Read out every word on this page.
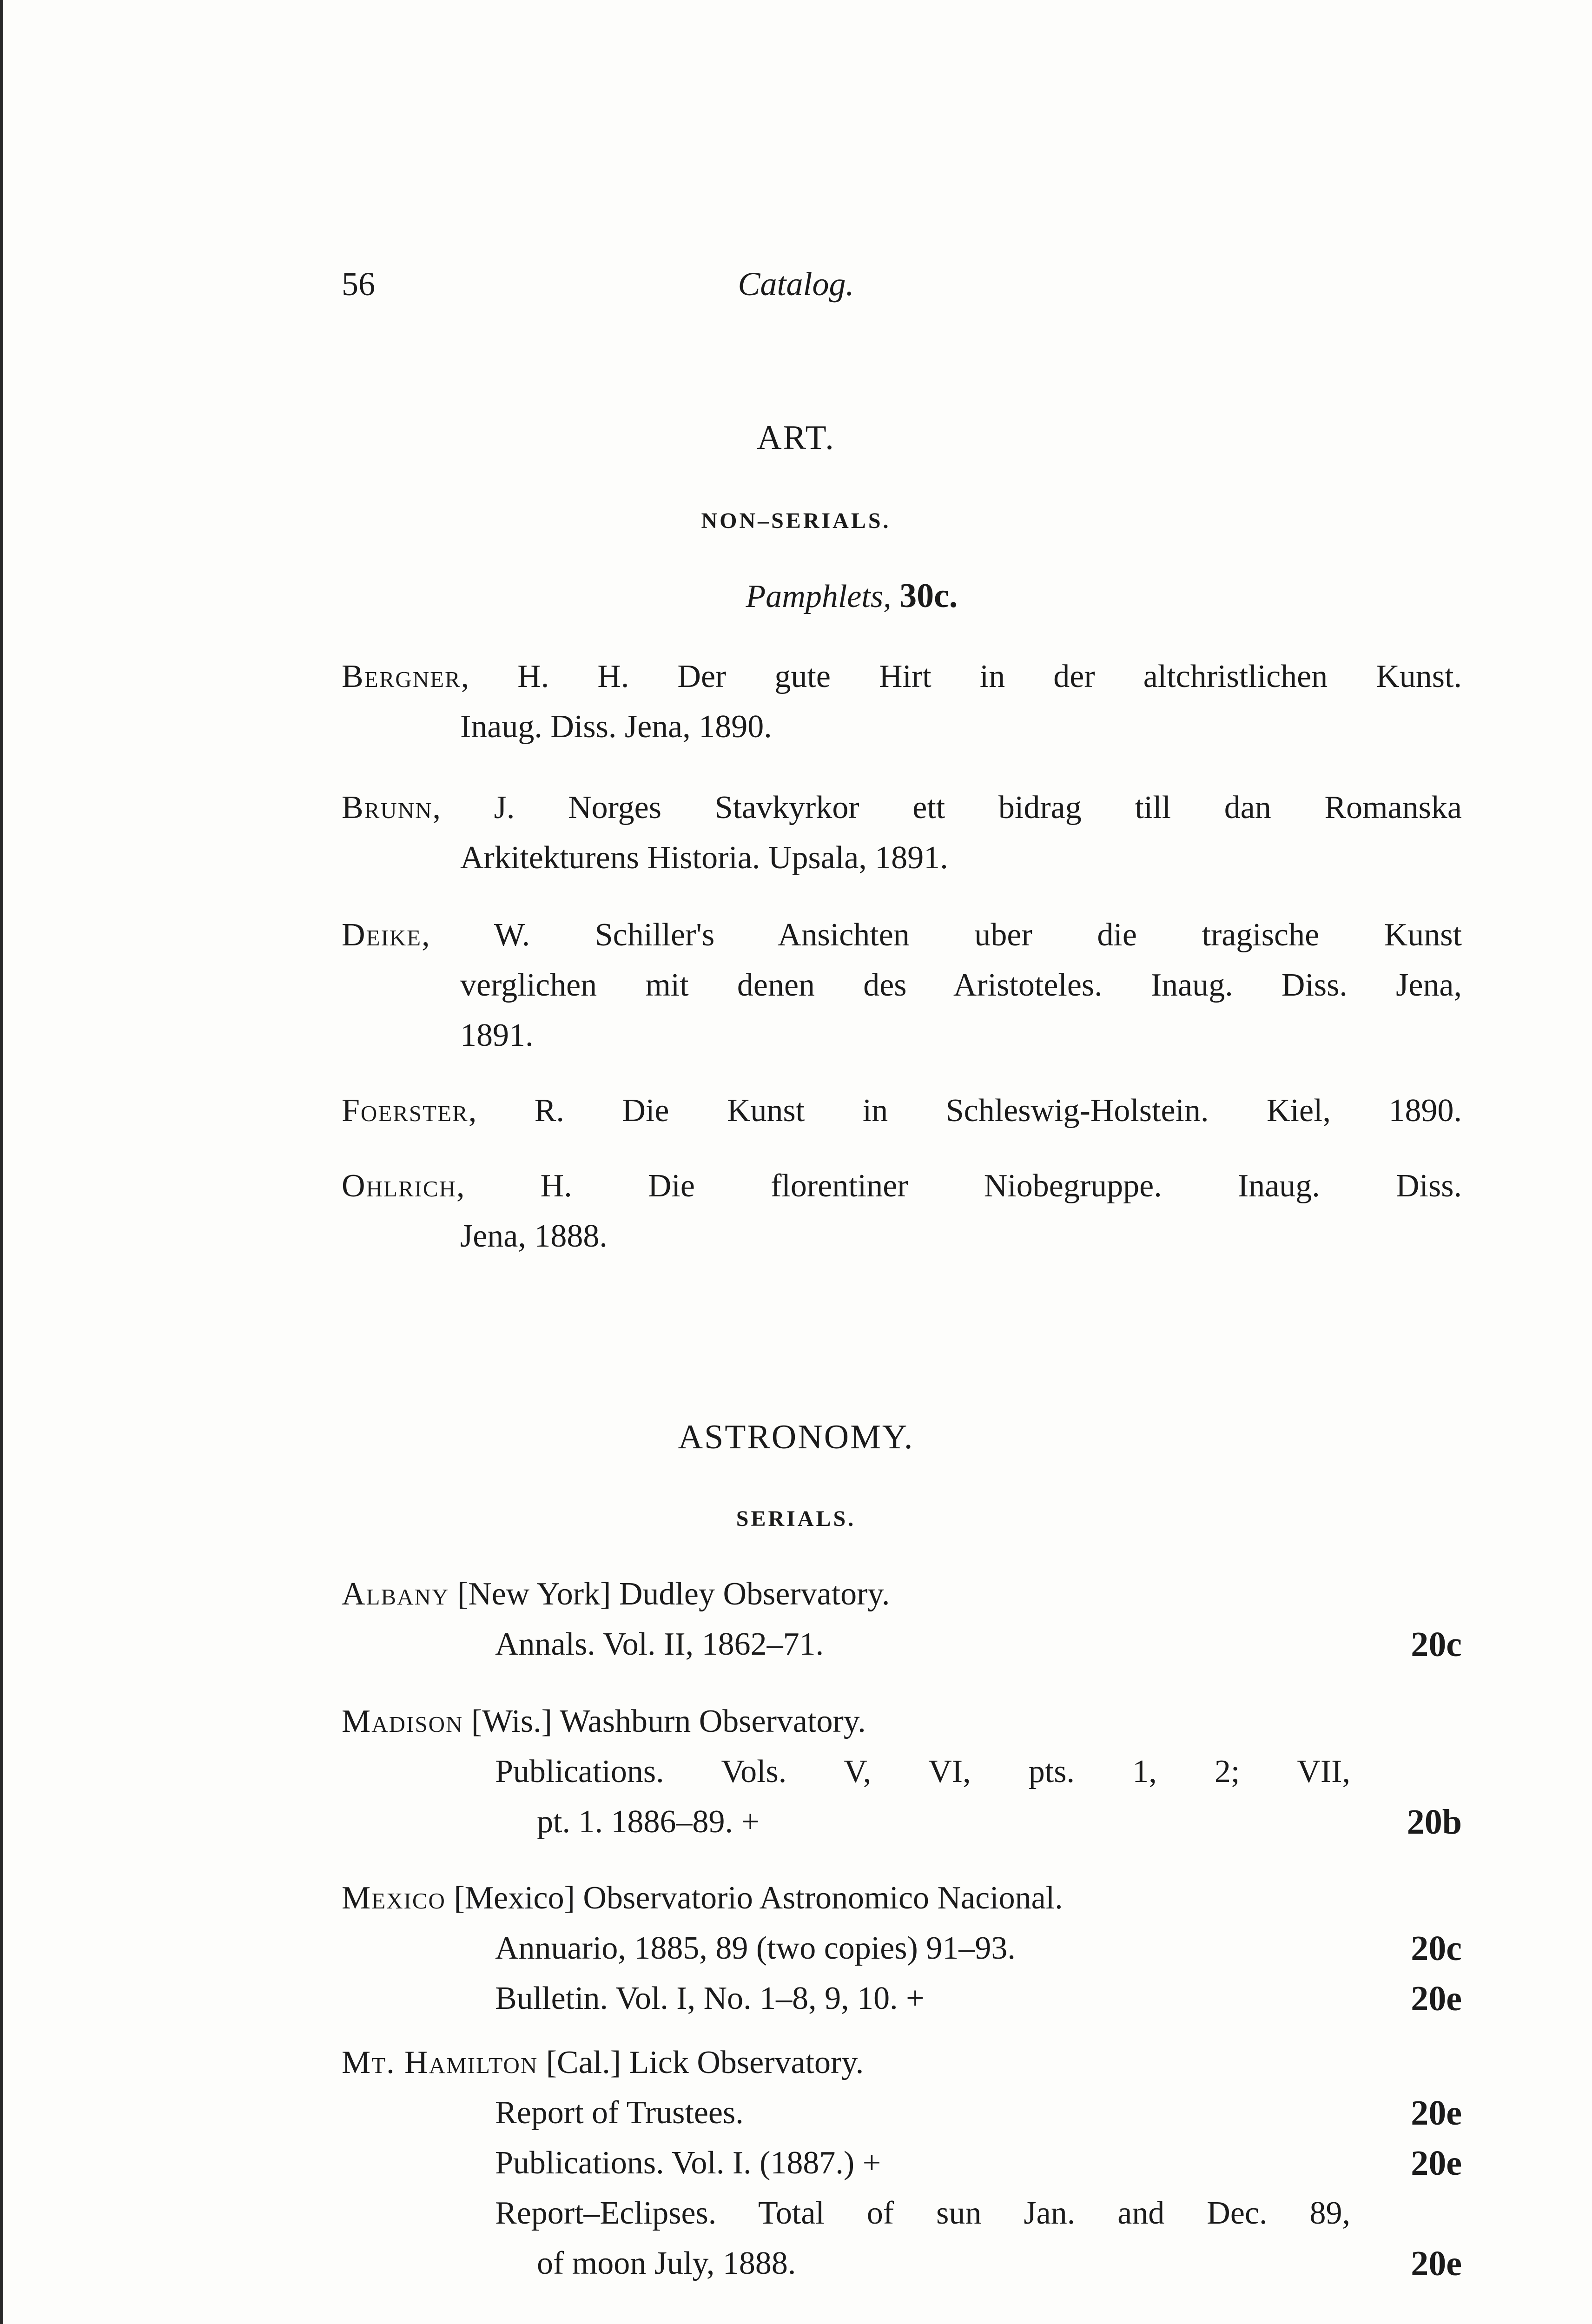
56	Catalog.
ART.
NON–SERIALS.
Pamphlets, 30c.
Bergner, H. H. Der gute Hirt in der altchristlichen Kunst.
Inaug. Diss. Jena, 1890.
Brunn, J. Norges Stavkyrkor ett bidrag till dan Romanska
Arkitekturens Historia. Upsala, 1891.
Deike, W. Schiller's Ansichten uber die tragische Kunst
verglichen mit denen des Aristoteles. Inaug. Diss. Jena,
1891.
Foerster, R. Die Kunst in Schleswig-Holstein. Kiel, 1890.
Ohlrich, H. Die florentiner Niobegruppe. Inaug. Diss.
Jena, 1888.
ASTRONOMY.
SERIALS.
Albany [New York] Dudley Observatory.
Annals. Vol. II, 1862–71.	20c
Madison [Wis.] Washburn Observatory.
Publications. Vols. V, VI, pts. 1, 2; VII,
pt. 1. 1886–89. +	20b
Mexico [Mexico] Observatorio Astronomico Nacional.
Annuario, 1885, 89 (two copies) 91–93.	20c
Bulletin. Vol. I, No. 1–8, 9, 10. +	20e
Mt. Hamilton [Cal.] Lick Observatory.
Report of Trustees.	20e
Publications. Vol. I. (1887.) +	20e
Report–Eclipses. Total of sun Jan. and Dec. 89,
of moon July, 1888.	20e
